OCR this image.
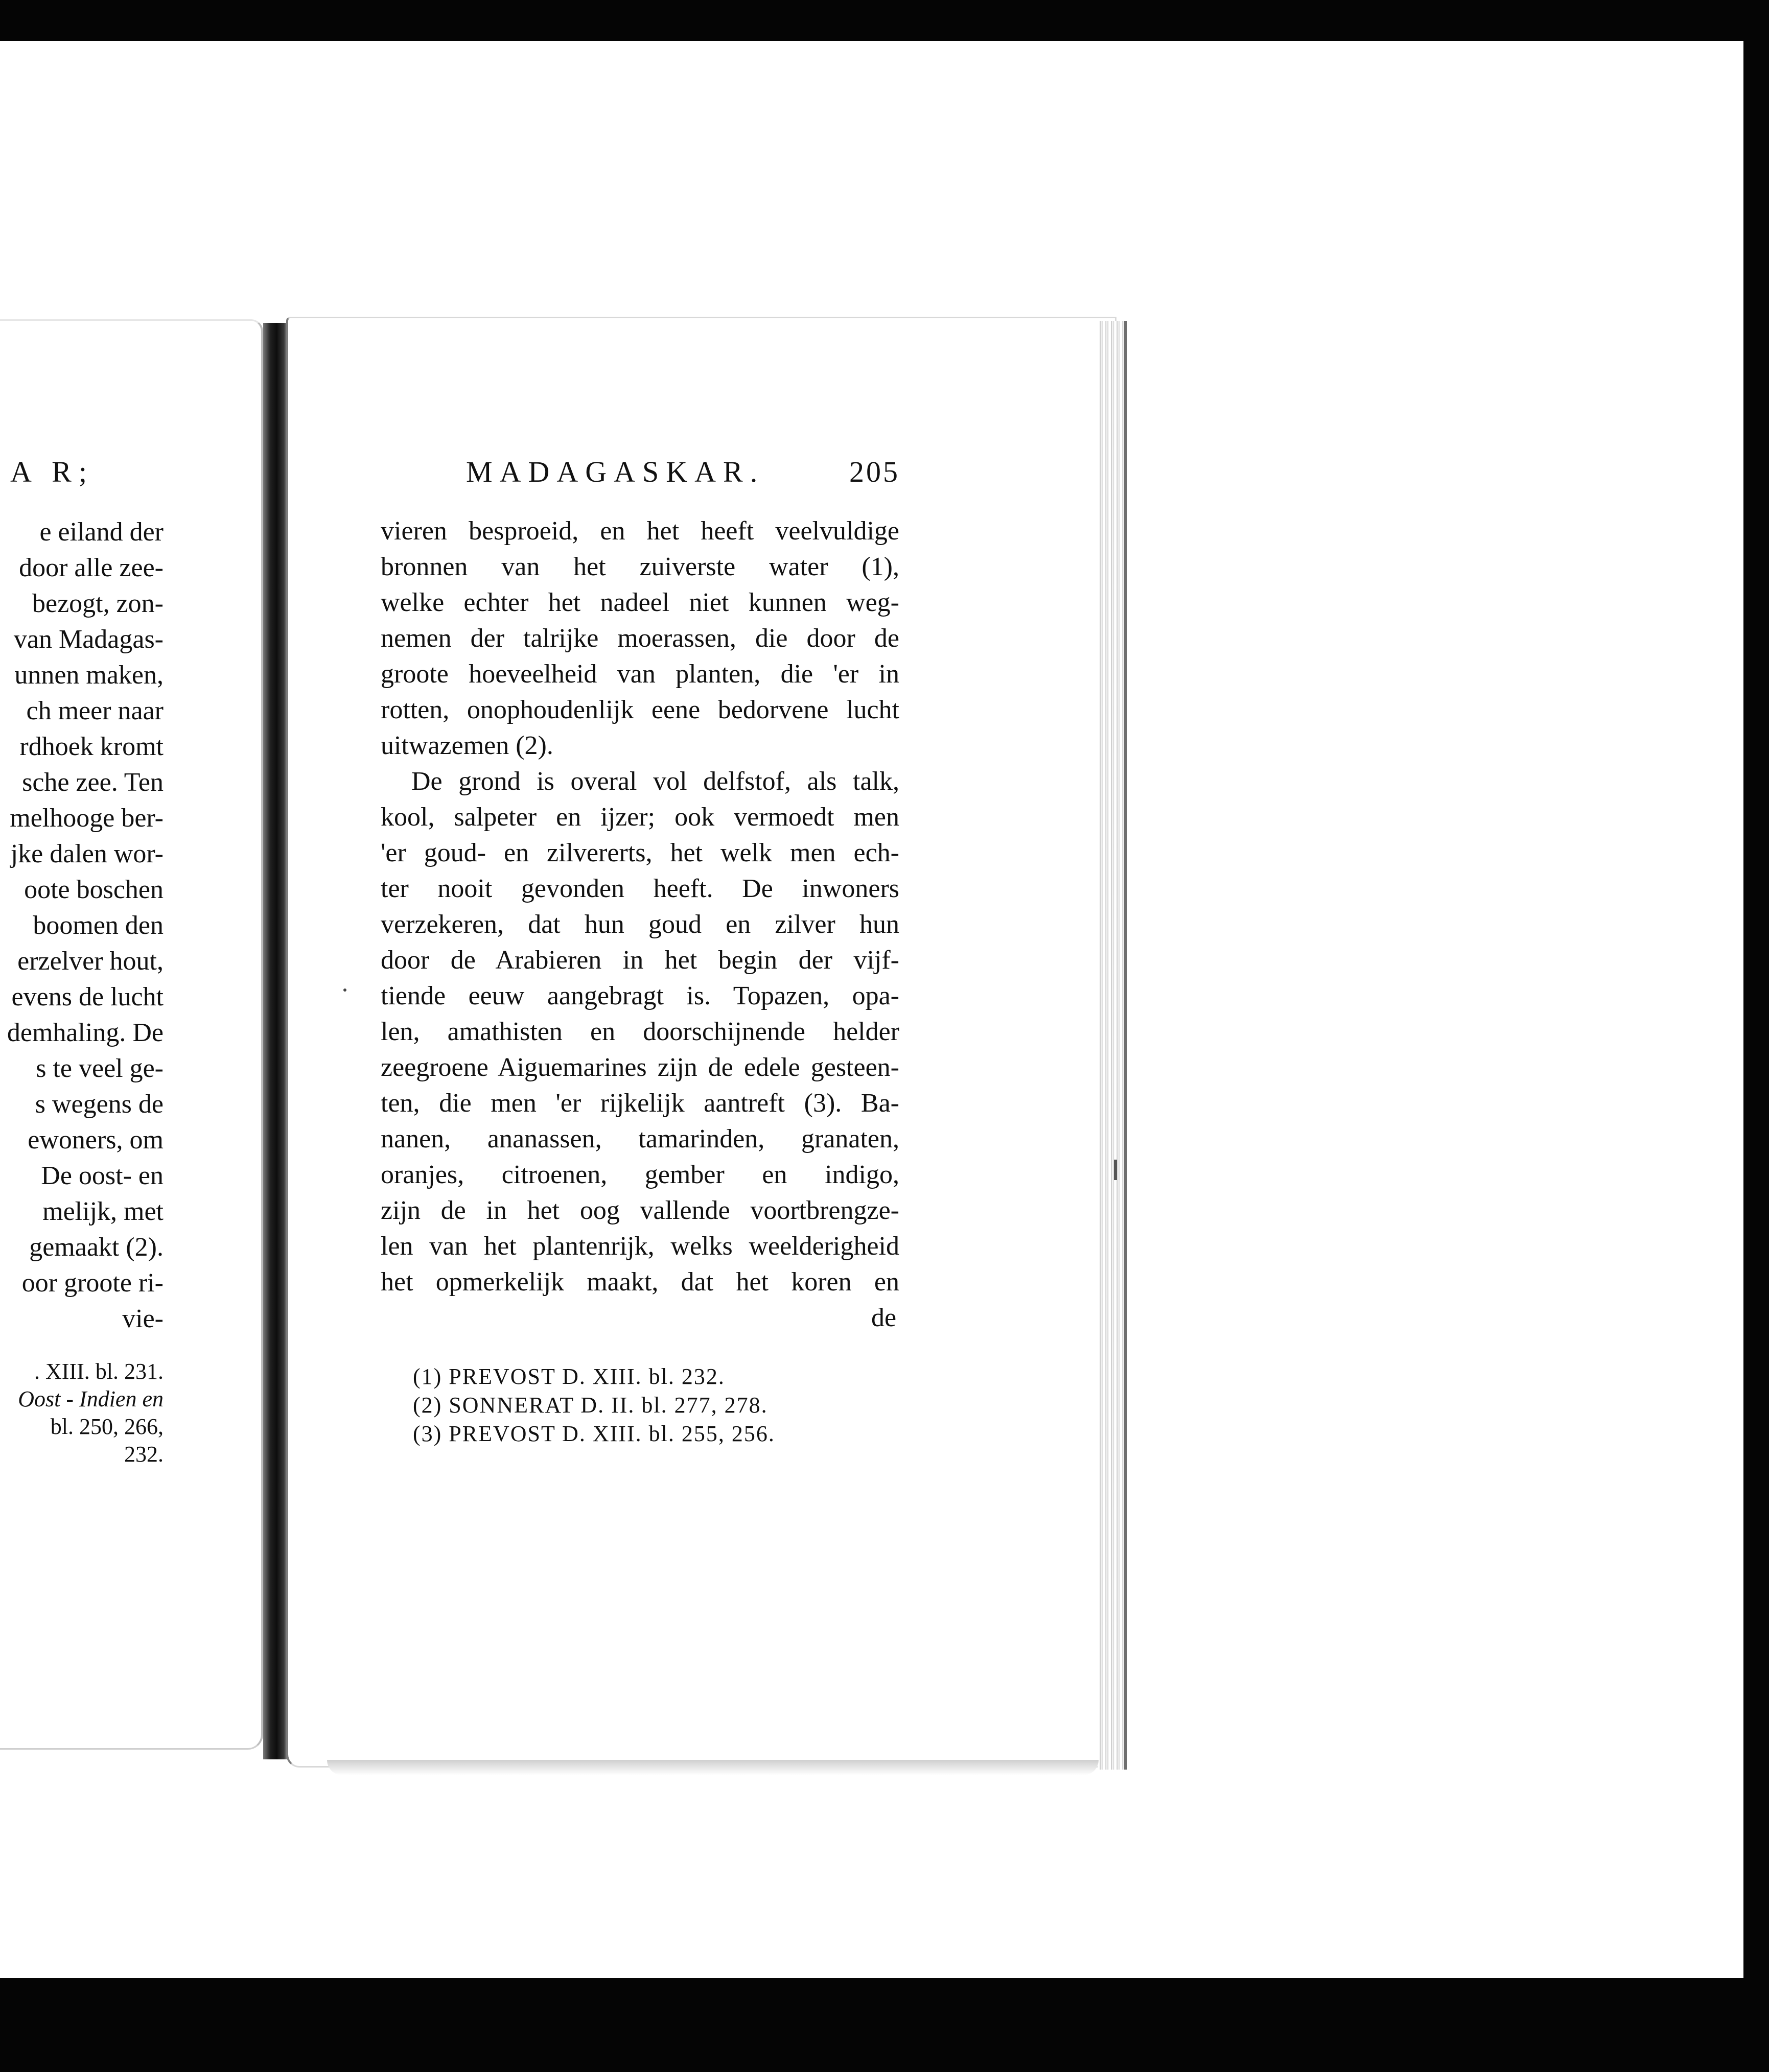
A R;
e eiland der
door alle zee-
bezogt, zon-
van Madagas-
unnen maken,
ch meer naar
rdhoek kromt
sche zee. Ten
melhooge ber-
jke dalen wor-
oote boschen
boomen den
erzelver hout,
evens de lucht
demhaling. De
s te veel ge-
s wegens de
ewoners, om
De oost- en
melijk, met
gemaakt (2).
oor groote ri-
vie-
. XIII. bl. 231.
Oost - Indien en
bl. 250, 266,
232.
MADAGASKAR.	205
vieren besproeid, en het heeft veelvuldige
bronnen van het zuiverste water (1),
welke echter het nadeel niet kunnen weg-
nemen der talrijke moerassen, die door de
groote hoeveelheid van planten, die 'er in
rotten, onophoudenlijk eene bedorvene lucht
uitwazemen (2).
De grond is overal vol delfstof, als talk,
kool, salpeter en ijzer; ook vermoedt men
'er goud- en zilvererts, het welk men ech-
ter nooit gevonden heeft. De inwoners
verzekeren, dat hun goud en zilver hun
door de Arabieren in het begin der vijf-
tiende eeuw aangebragt is. Topazen, opa-
len, amathisten en doorschijnende helder
zeegroene Aiguemarines zijn de edele gesteen-
ten, die men 'er rijkelijk aantreft (3). Ba-
nanen, ananassen, tamarinden, granaten,
oranjes, citroenen, gember en indigo,
zijn de in het oog vallende voortbrengze-
len van het plantenrijk, welks weelderigheid
het opmerkelijk maakt, dat het koren en
de
(1) PREVOST D. XIII. bl. 232.
(2) SONNERAT D. II. bl. 277, 278.
(3) PREVOST D. XIII. bl. 255, 256.
